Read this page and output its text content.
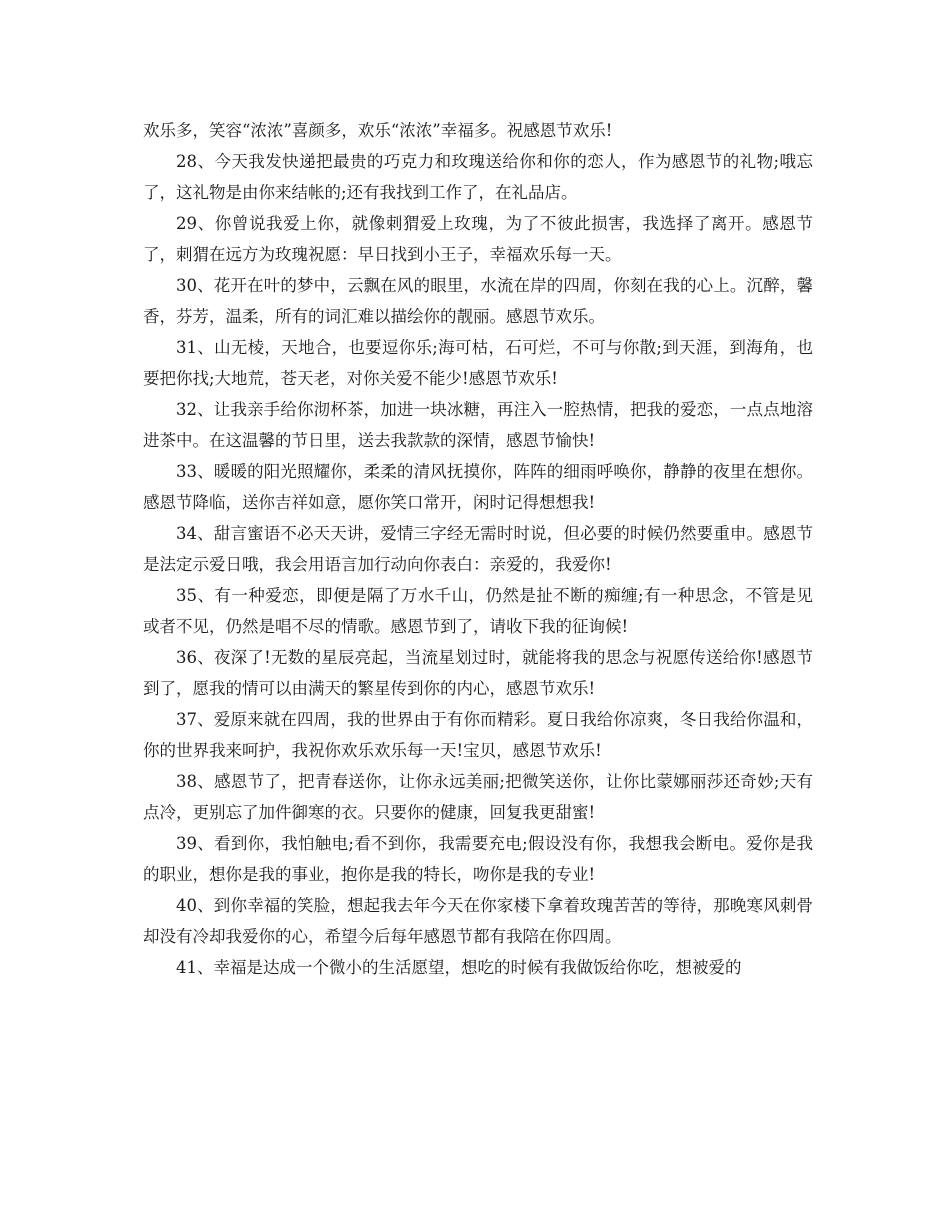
欢乐多，笑容“浓浓”喜颜多，欢乐“浓浓”幸福多。祝感恩节欢乐!

28、今天我发快递把最贵的巧克力和玫瑰送给你和你的恋人，作为感恩节的礼物;哦忘了，这礼物是由你来结帐的;还有我找到工作了，在礼品店。

29、你曾说我爱上你，就像刺猬爱上玫瑰，为了不彼此损害，我选择了离开。感恩节了，刺猬在远方为玫瑰祝愿：早日找到小王子，幸福欢乐每一天。

30、花开在叶的梦中，云飘在风的眼里，水流在岸的四周，你刻在我的心上。沉醉，馨香，芬芳，温柔，所有的词汇难以描绘你的靓丽。感恩节欢乐。

31、山无棱，天地合，也要逗你乐;海可枯，石可烂，不可与你散;到天涯，到海角，也要把你找;大地荒，苍天老，对你关爱不能少!感恩节欢乐!

32、让我亲手给你沏杯茶，加进一块冰糖，再注入一腔热情，把我的爱恋，一点点地溶进茶中。在这温馨的节日里，送去我款款的深情，感恩节愉快!

33、暖暖的阳光照耀你，柔柔的清风抚摸你，阵阵的细雨呼唤你，静静的夜里在想你。感恩节降临，送你吉祥如意，愿你笑口常开，闲时记得想想我!

34、甜言蜜语不必天天讲，爱情三字经无需时时说，但必要的时候仍然要重申。感恩节是法定示爱日哦，我会用语言加行动向你表白：亲爱的，我爱你!

35、有一种爱恋，即便是隔了万水千山，仍然是扯不断的痴缠;有一种思念，不管是见或者不见，仍然是唱不尽的情歌。感恩节到了，请收下我的征询候!

36、夜深了!无数的星辰亮起，当流星划过时，就能将我的思念与祝愿传送给你!感恩节到了，愿我的情可以由满天的繁星传到你的内心，感恩节欢乐!

37、爱原来就在四周，我的世界由于有你而精彩。夏日我给你凉爽，冬日我给你温和，你的世界我来呵护，我祝你欢乐欢乐每一天!宝贝，感恩节欢乐!

38、感恩节了，把青春送你，让你永远美丽;把微笑送你，让你比蒙娜丽莎还奇妙;天有点冷，更别忘了加件御寒的衣。只要你的健康，回复我更甜蜜!

39、看到你，我怕触电;看不到你，我需要充电;假设没有你，我想我会断电。爱你是我的职业，想你是我的事业，抱你是我的特长，吻你是我的专业!

40、到你幸福的笑脸，想起我去年今天在你家楼下拿着玫瑰苦苦的等待，那晚寒风刺骨却没有冷却我爱你的心，希望今后每年感恩节都有我陪在你四周。

41、幸福是达成一个微小的生活愿望，想吃的时候有我做饭给你吃，想被爱的
